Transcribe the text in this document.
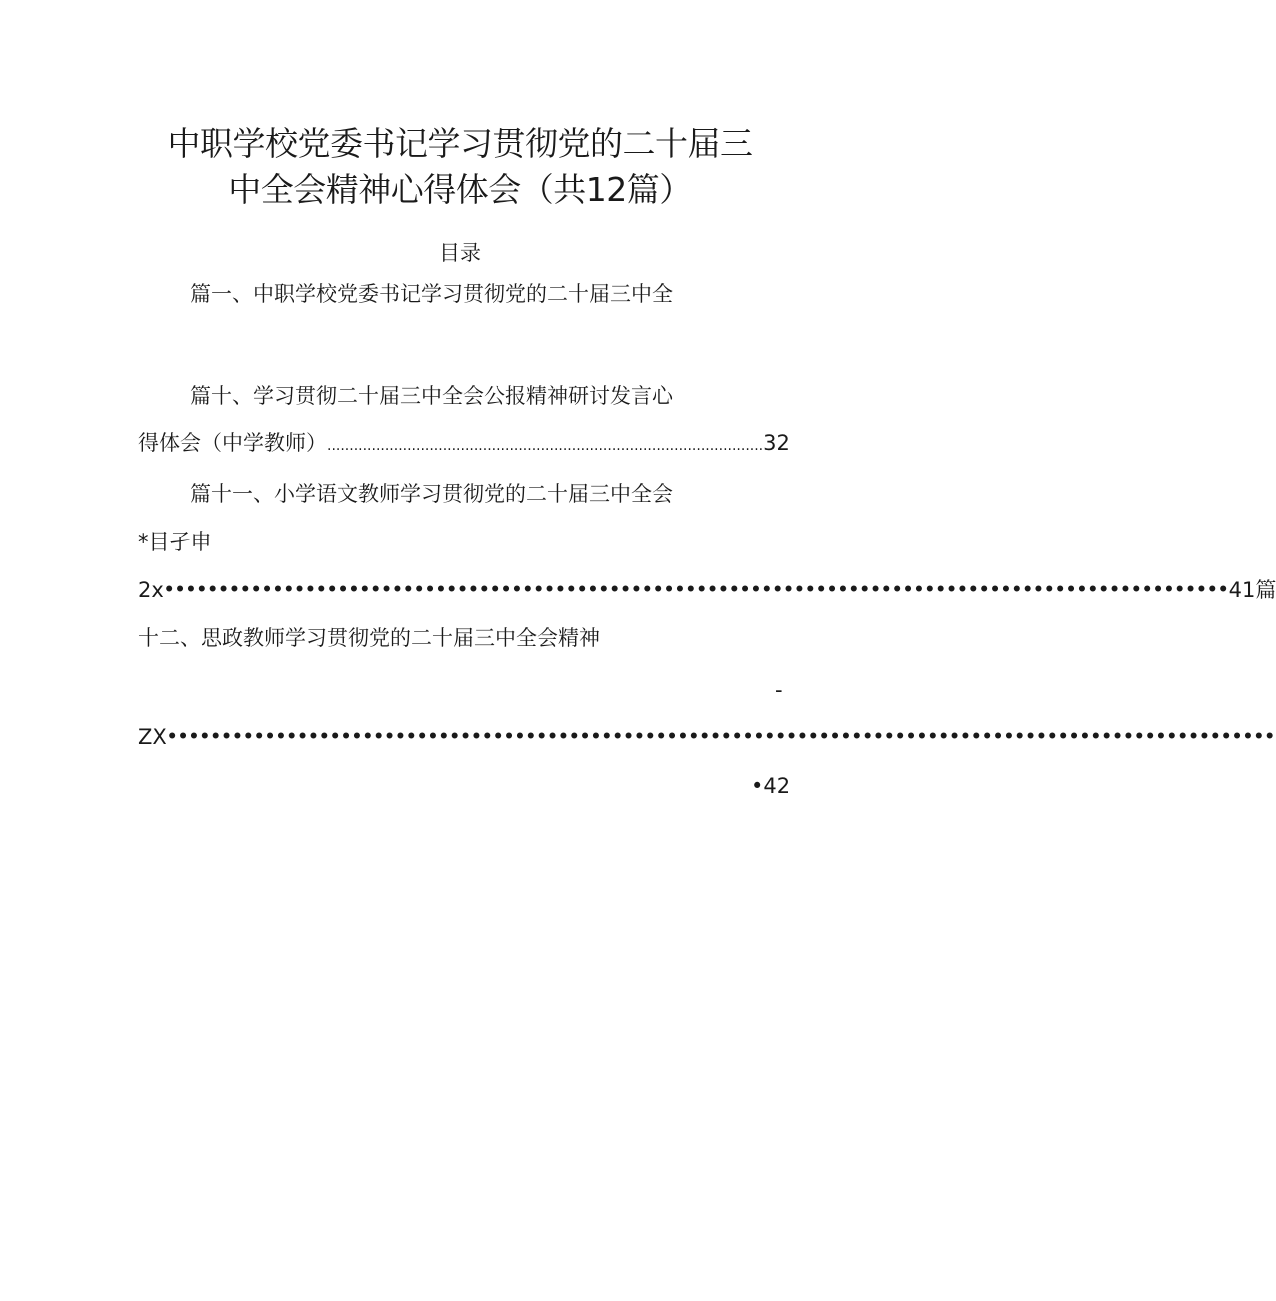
中职学校党委书记学习贯彻党的二十届三
中全会精神心得体会（共12篇）
目录
篇一、中职学校党委书记学习贯彻党的二十届三中全
篇十、学习贯彻二十届三中全会公报精神研讨发言心
得体会（中学教师） .................................................................................................. 32
篇十一、小学语文教师学习贯彻党的二十届三中全会
*目孑申
2x •••••••••••••••••••••••••••••••••••••••••••••••••••••••••••••••••••••••••••••••••••••••••••••••••• 41篇
十二、思政教师学习贯彻党的二十届三中全会精神
-
ZX ••••••••••••••••••••••••••••••••••••••••••••••••••••••••••••••••••••••••••••••••••••••••••••••••••••••
•42
